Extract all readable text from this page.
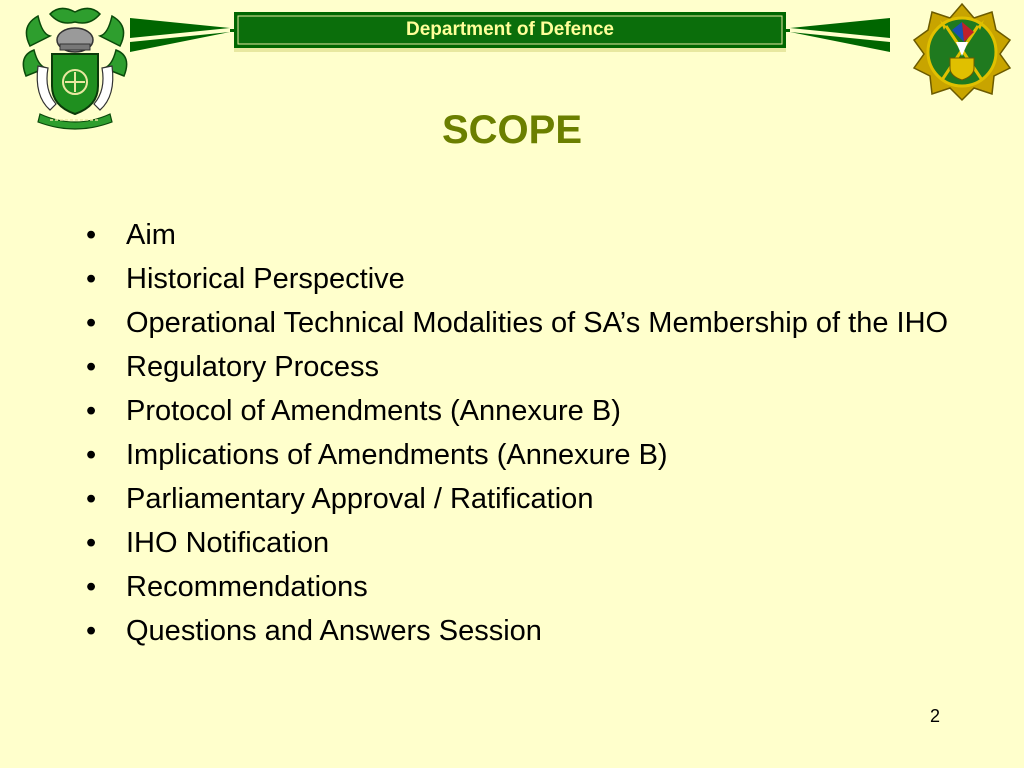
Department of Defence
SCOPE
•	Aim
•	Historical Perspective
•	Operational Technical Modalities of SA’s Membership of the IHO
•	Regulatory Process
•	Protocol of Amendments (Annexure B)
•	Implications of Amendments (Annexure B)
•	Parliamentary Approval / Ratification
•	IHO Notification
•	Recommendations
•	Questions and Answers Session
2
